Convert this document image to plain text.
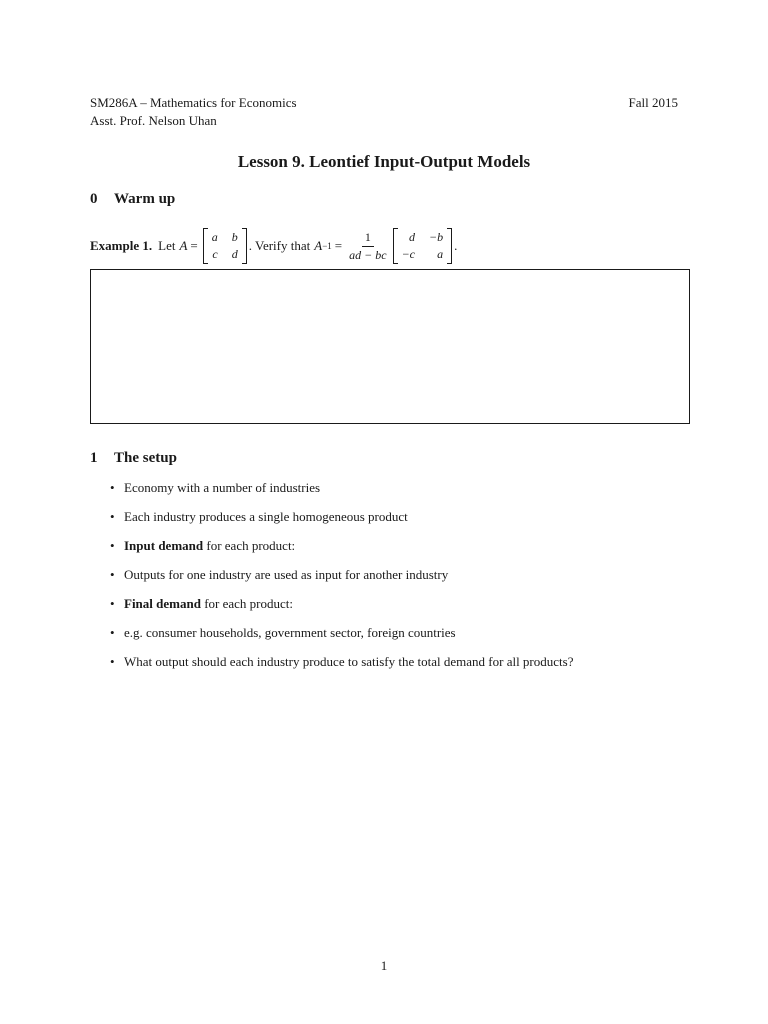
SM286A – Mathematics for Economics
Asst. Prof. Nelson Uhan
Fall 2015
Lesson 9. Leontief Input-Output Models
0 Warm up
Example 1. Let A =
a b
c d
. Verify that $A -1 = \frac{1}{ad - bc}$	d −b
−c	a
.
1 The setup
• Economy with a number of industries
• Each industry produces a single homogeneous product
• Input demand for each product:
• Outputs for one industry are used as input for another industry
• Final demand for each product:
• e.g. consumer households, government sector, foreign countries
• What output should each industry produce to satisfy the total demand for all products?
1
